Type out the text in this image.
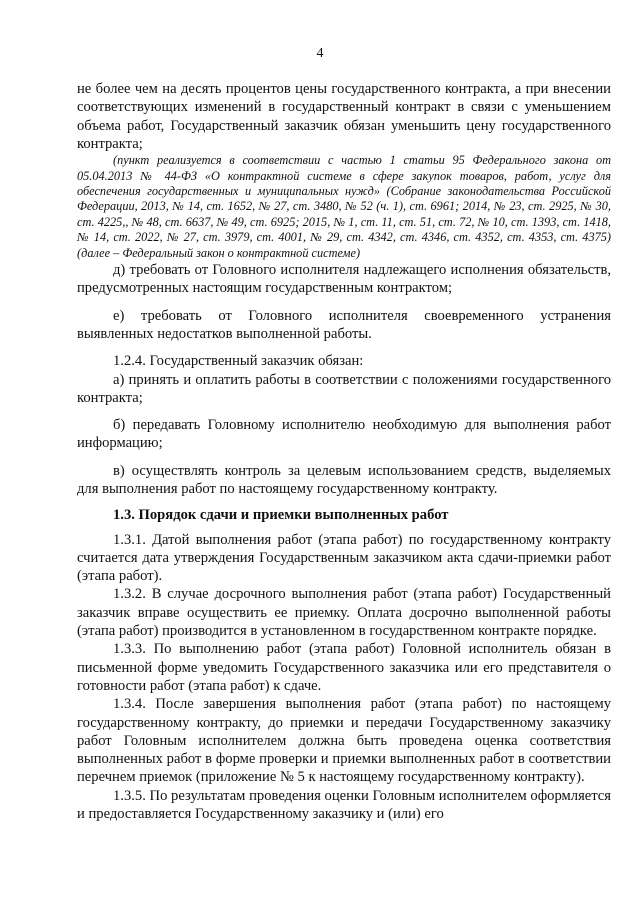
4

не более чем на десять процентов цены государственного контракта, а при внесении соответствующих изменений в государственный контракт в связи с уменьшением объема работ, Государственный заказчик обязан уменьшить цену государственного контракта;

(пункт реализуется в соответствии с частью 1 статьи 95 Федерального закона от 05.04.2013 № 44-ФЗ «О контрактной системе в сфере закупок товаров, работ, услуг для обеспечения государственных и муниципальных нужд» (Собрание законодательства Российской Федерации, 2013, № 14, ст. 1652, № 27, ст. 3480, № 52 (ч. 1), ст. 6961; 2014, № 23, ст. 2925, № 30, ст. 4225,, № 48, ст. 6637, № 49, ст. 6925; 2015, № 1, ст. 11, ст. 51, ст. 72, № 10, ст. 1393, ст. 1418, № 14, ст. 2022, № 27, ст. 3979, ст. 4001, № 29, ст. 4342, ст. 4346, ст. 4352, ст. 4353, ст. 4375) (далее – Федеральный закон о контрактной системе)

д) требовать от Головного исполнителя надлежащего исполнения обязательств, предусмотренных настоящим государственным контрактом;

е) требовать от Головного исполнителя своевременного устранения выявленных недостатков выполненной работы.

1.2.4. Государственный заказчик обязан:

а) принять и оплатить работы в соответствии с положениями государственного контракта;

б) передавать Головному исполнителю необходимую для выполнения работ информацию;

в) осуществлять контроль за целевым использованием средств, выделяемых для выполнения работ по настоящему государственному контракту.

1.3. Порядок сдачи и приемки выполненных работ

1.3.1. Датой выполнения работ (этапа работ) по государственному контракту считается дата утверждения Государственным заказчиком акта сдачи-приемки работ (этапа работ).

1.3.2. В случае досрочного выполнения работ (этапа работ) Государственный заказчик вправе осуществить ее приемку. Оплата досрочно выполненной работы (этапа работ) производится в установленном в государственном контракте порядке.

1.3.3. По выполнению работ (этапа работ) Головной исполнитель обязан в письменной форме уведомить Государственного заказчика или его представителя о готовности работ (этапа работ) к сдаче.

1.3.4. После завершения выполнения работ (этапа работ) по настоящему государственному контракту, до приемки и передачи Государственному заказчику работ Головным исполнителем должна быть проведена оценка соответствия выполненных работ в форме проверки и приемки выполненных работ в соответствии перечнем приемок (приложение № 5 к настоящему государственному контракту).

1.3.5. По результатам проведения оценки Головным исполнителем оформляется и предоставляется Государственному заказчику и (или) его
